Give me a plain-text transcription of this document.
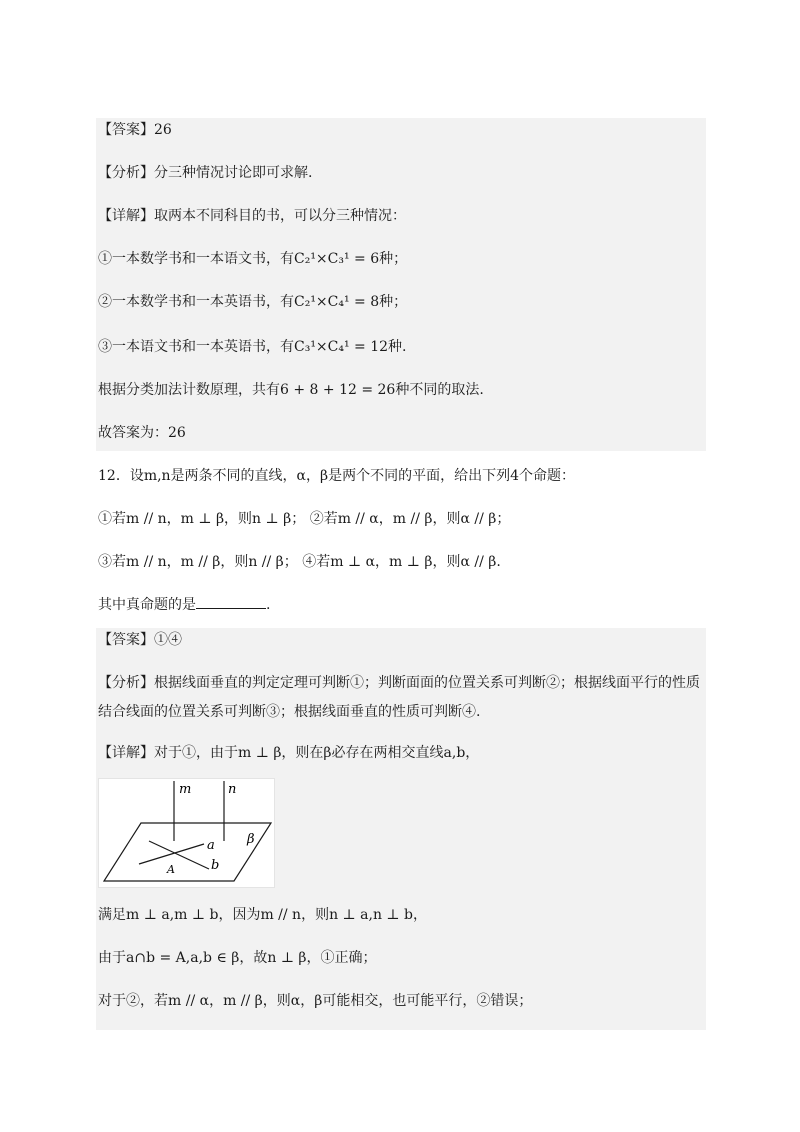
【答案】26
【分析】分三种情况讨论即可求解.
【详解】取两本不同科目的书，可以分三种情况：
①一本数学书和一本语文书，有C₂¹×C₃¹ = 6种；
②一本数学书和一本英语书，有C₂¹×C₄¹ = 8种；
③一本语文书和一本英语书，有C₃¹×C₄¹ = 12种.
根据分类加法计数原理，共有6 + 8 + 12 = 26种不同的取法.
故答案为：26
12．设m,n是两条不同的直线，α，β是两个不同的平面，给出下列4个命题：
①若m // n，m ⊥ β，则n ⊥ β； ②若m // α，m // β，则α // β；
③若m // n，m // β，则n // β； ④若m ⊥ α，m ⊥ β，则α // β.
其中真命题的是	.
【答案】①④
【分析】根据线面垂直的判定定理可判断①；判断面面的位置关系可判断②；根据线面平行的性质
结合线面的位置关系可判断③；根据线面垂直的性质可判断④.
【详解】对于①，由于m ⊥ β，则在β必存在两相交直线a,b，
m	n
a
b
A
β
满足m ⊥ a,m ⊥ b，因为m // n，则n ⊥ a,n ⊥ b，
由于a∩b = A,a,b ∈ β，故n ⊥ β，①正确；
对于②，若m // α，m // β，则α，β可能相交，也可能平行，②错误；
